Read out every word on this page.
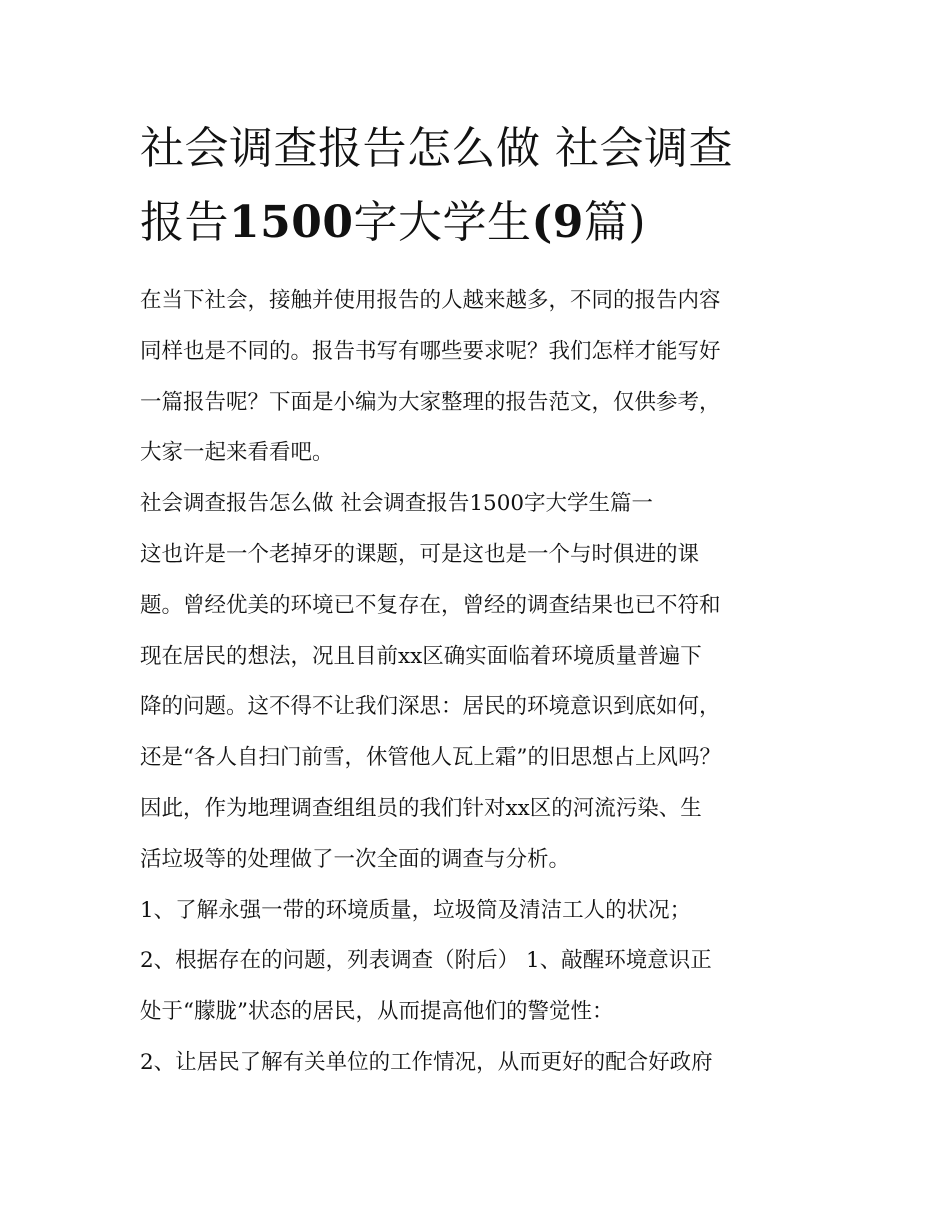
社会调查报告怎么做 社会调查
报告1500字大学生(9篇)
在当下社会，接触并使用报告的人越来越多，不同的报告内容
同样也是不同的。报告书写有哪些要求呢？我们怎样才能写好
一篇报告呢？下面是小编为大家整理的报告范文，仅供参考，
大家一起来看看吧。
社会调查报告怎么做 社会调查报告1500字大学生篇一
这也许是一个老掉牙的课题，可是这也是一个与时俱进的课
题。曾经优美的环境已不复存在，曾经的调查结果也已不符和
现在居民的想法，况且目前xx区确实面临着环境质量普遍下
降的问题。这不得不让我们深思：居民的环境意识到底如何，
还是“各人自扫门前雪，休管他人瓦上霜”的旧思想占上风吗？
因此，作为地理调查组组员的我们针对xx区的河流污染、生
活垃圾等的处理做了一次全面的调查与分析。
1、了解永强一带的环境质量，垃圾筒及清洁工人的状况；
2、根据存在的问题，列表调查（附后） 1、敲醒环境意识正
处于“朦胧”状态的居民，从而提高他们的警觉性：
2、让居民了解有关单位的工作情况，从而更好的配合好政府
